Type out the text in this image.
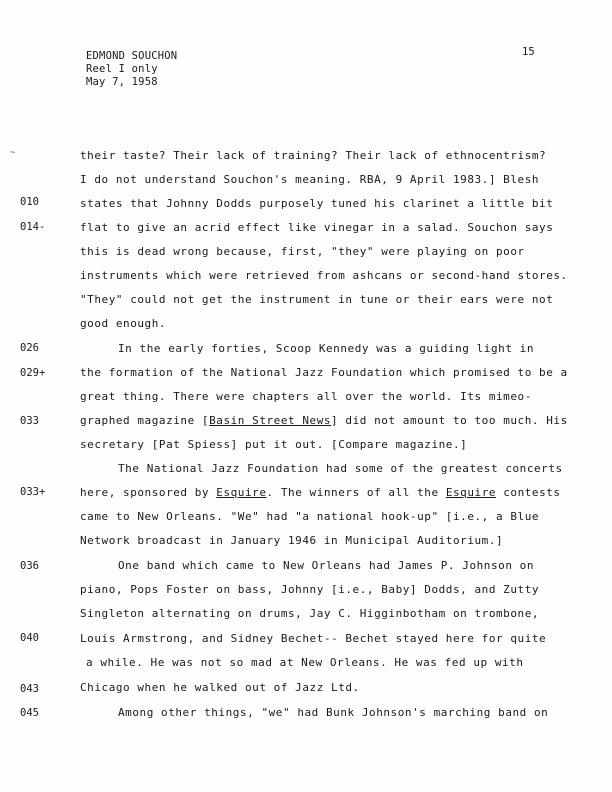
EDMOND SOUCHON
Reel I only
May 7, 1958
15
~
010
014-
026
029+
033
033+
036
040
043
045
their taste? Their lack of training? Their lack of ethnocentrism?
I do not understand Souchon's meaning. RBA, 9 April 1983.] Blesh
states that Johnny Dodds purposely tuned his clarinet a little bit
flat to give an acrid effect like vinegar in a salad. Souchon says
this is dead wrong because, first, "they" were playing on poor
instruments which were retrieved from ashcans or second-hand stores.
"They" could not get the instrument in tune or their ears were not
good enough.
In the early forties, Scoop Kennedy was a guiding light in
the formation of the National Jazz Foundation which promised to be a
great thing. There were chapters all over the world. Its mimeo-
graphed magazine [Basin Street News] did not amount to too much. His
secretary [Pat Spiess] put it out. [Compare magazine.]
The National Jazz Foundation had some of the greatest concerts
here, sponsored by Esquire. The winners of all the Esquire contests
came to New Orleans. "We" had "a national hook-up" [i.e., a Blue
Network broadcast in January 1946 in Municipal Auditorium.]
One band which came to New Orleans had James P. Johnson on
piano, Pops Foster on bass, Johnny [i.e., Baby] Dodds, and Zutty
Singleton alternating on drums, Jay C. Higginbotham on trombone,
Louis Armstrong, and Sidney Bechet-- Bechet stayed here for quite
a while. He was not so mad at New Orleans. He was fed up with
Chicago when he walked out of Jazz Ltd.
Among other things, "we" had Bunk Johnson's marching band on
